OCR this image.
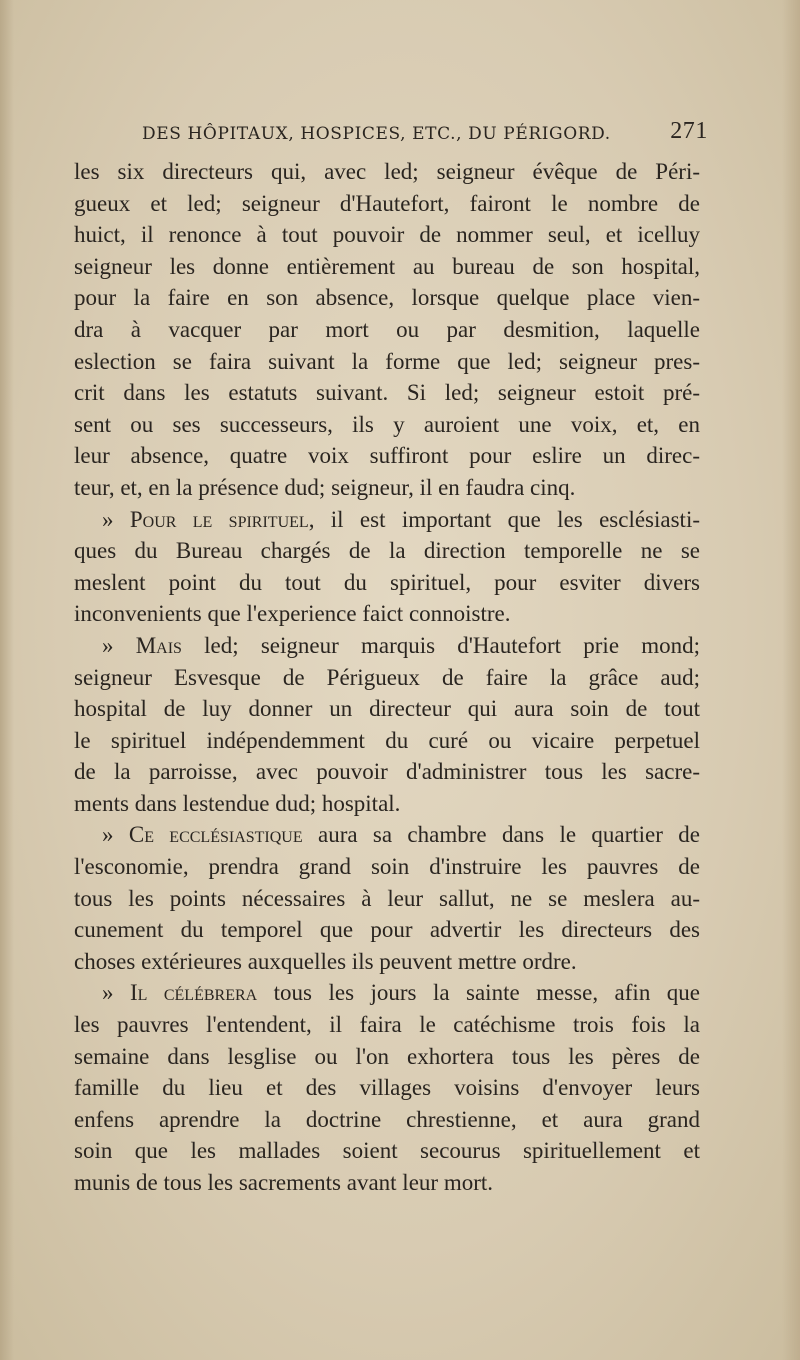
DES HÔPITAUX, HOSPICES, ETC., DU PÉRIGORD. 271
les six directeurs qui, avec led; seigneur évêque de Péri-
gueux et led; seigneur d'Hautefort, fairont le nombre de
huict, il renonce à tout pouvoir de nommer seul, et icelluy
seigneur les donne entièrement au bureau de son hospital,
pour la faire en son absence, lorsque quelque place vien-
dra à vacquer par mort ou par desmition, laquelle
eslection se faira suivant la forme que led; seigneur pres-
crit dans les estatuts suivant. Si led; seigneur estoit pré-
sent ou ses successeurs, ils y auroient une voix, et, en
leur absence, quatre voix suffiront pour eslire un direc-
teur, et, en la présence dud; seigneur, il en faudra cinq.
» Pour le spirituel, il est important que les esclésiasti-
ques du Bureau chargés de la direction temporelle ne se
meslent point du tout du spirituel, pour esviter divers
inconvenients que l'experience faict connoistre.
» Mais led; seigneur marquis d'Hautefort prie mond;
seigneur Esvesque de Périgueux de faire la grâce aud;
hospital de luy donner un directeur qui aura soin de tout
le spirituel indépendemment du curé ou vicaire perpetuel
de la parroisse, avec pouvoir d'administrer tous les sacre-
ments dans lestendue dud; hospital.
» Ce ecclésiastique aura sa chambre dans le quartier de
l'esconomie, prendra grand soin d'instruire les pauvres de
tous les points nécessaires à leur sallut, ne se meslera au-
cunement du temporel que pour advertir les directeurs des
choses extérieures auxquelles ils peuvent mettre ordre.
» Il célébrera tous les jours la sainte messe, afin que
les pauvres l'entendent, il faira le catéchisme trois fois la
semaine dans lesglise ou l'on exhortera tous les pères de
famille du lieu et des villages voisins d'envoyer leurs
enfens aprendre la doctrine chrestienne, et aura grand
soin que les mallades soient secourus spirituellement et
munis de tous les sacrements avant leur mort.
